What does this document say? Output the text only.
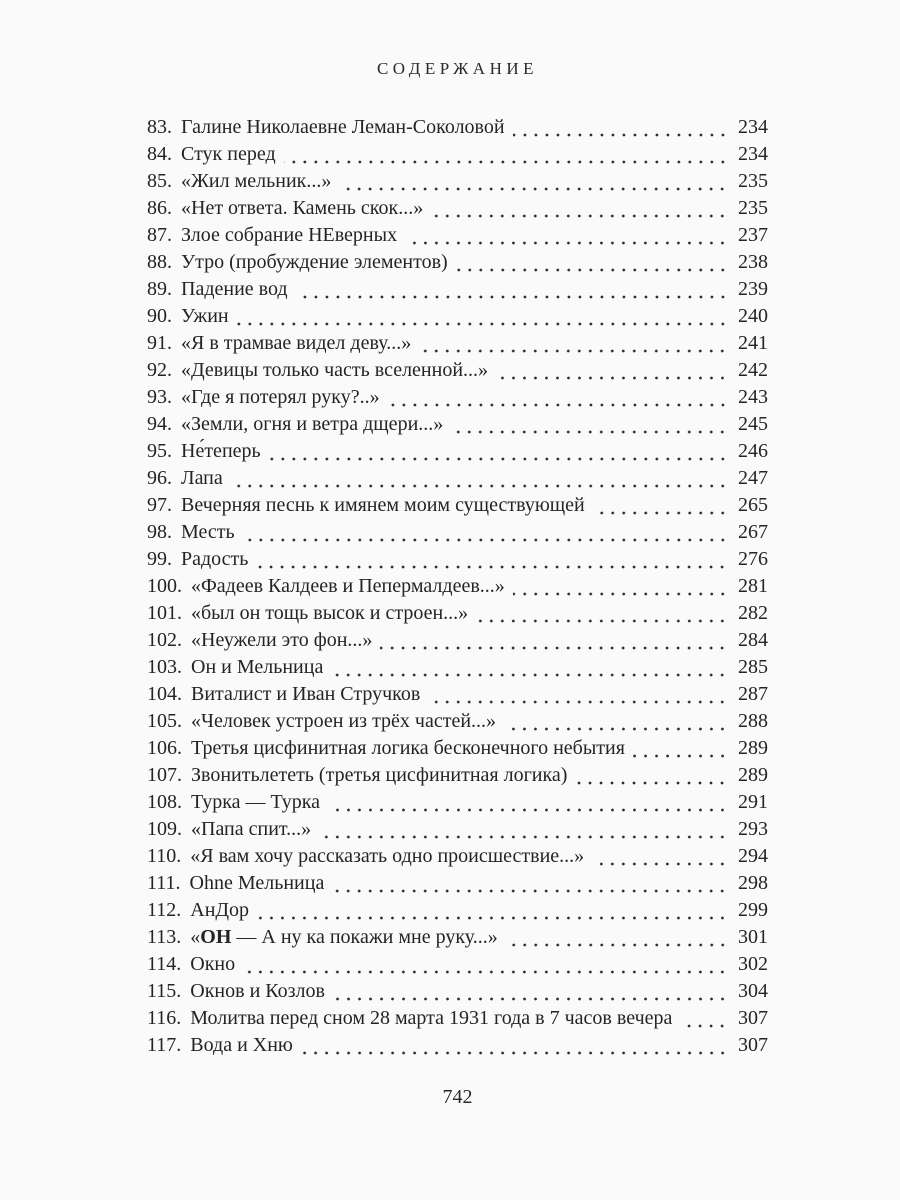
СОДЕРЖАНИЕ
83. Галине Николаевне Леман-Соколовой	234
84. Стук перед	234
85. «Жил мельник...»	235
86. «Нет ответа. Камень скок...»	235
87. Злое собрание НЕверных	237
88. Утро (пробуждение элементов)	238
89. Падение вод	239
90. Ужин	240
91. «Я в трамвае видел деву...»	241
92. «Девицы только часть вселенной...»	242
93. «Где я потерял руку?..»	243
94. «Земли, огня и ветра дщери...»	245
95. Не́теперь	246
96. Лапа	247
97. Вечерняя песнь к имянем моим существующей	265
98. Месть	267
99. Радость	276
100. «Фадеев Калдеев и Пепермалдеев...»	281
101. «был он тощь высок и строен...»	282
102. «Неужели это фон...»	284
103. Он и Мельница	285
104. Виталист и Иван Стручков	287
105. «Человек устроен из трёх частей...»	288
106. Третья цисфинитная логика бесконечного небытия	289
107. Звонитьлететь (третья цисфинитная логика)	289
108. Турка — Турка	291
109. «Папа спит...»	293
110. «Я вам хочу рассказать одно происшествие...»	294
111. Ohne Мельница	298
112. АнДор	299
113. «ОН — А ну ка покажи мне руку...»	301
114. Окно	302
115. Окнов и Козлов	304
116. Молитва перед сном 28 марта 1931 года в 7 часов вечера	307
117. Вода и Хню	307
742
